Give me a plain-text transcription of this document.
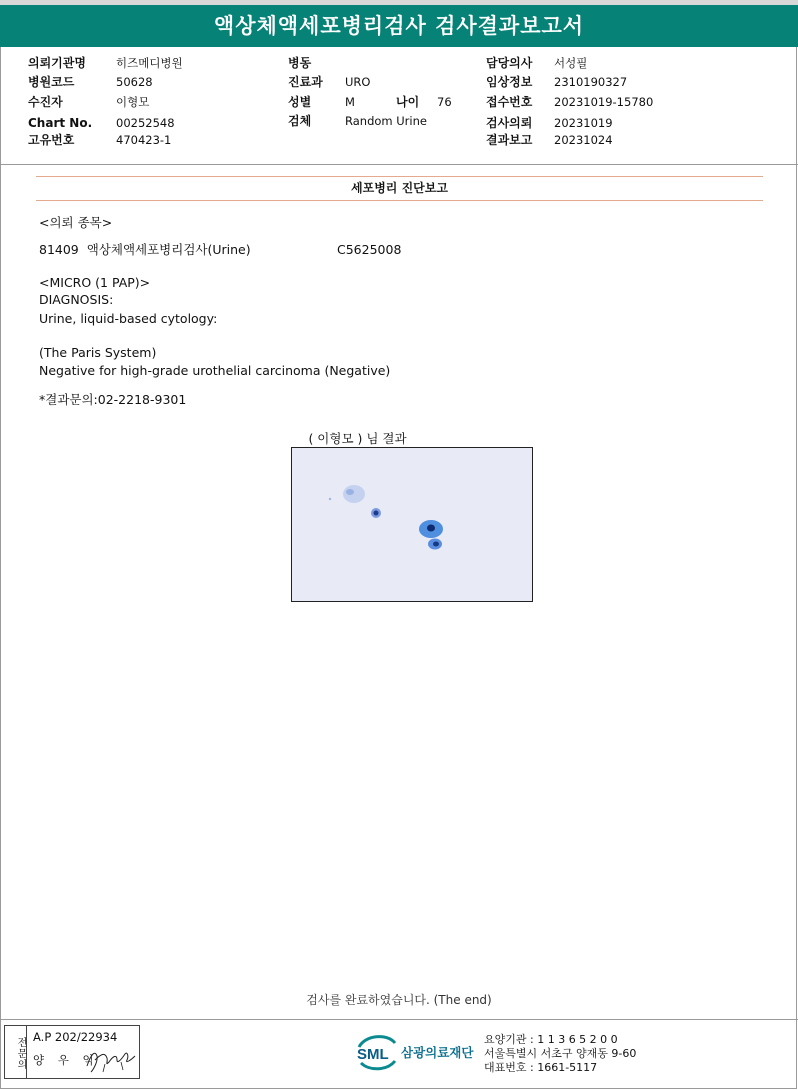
액상체액세포병리검사 검사결과보고서
의뢰기관명	히즈메디병원
병원코드	50628
수진자	이형모
Chart No. 00252548
고유번호	470423-1
병동
진료과 URO
성별	M	나이 76
검체	Random Urine
담당의사 서성필
임상정보 2310190327
접수번호 20231019-15780
검사의뢰 20231019
결과보고 20231024
세포병리 진단보고
<의뢰 종목>
81409 액상체액세포병리검사(Urine)	C5625008
<MICRO (1 PAP)>
DIAGNOSIS:
Urine, liquid-based cytology:
(The Paris System)
Negative for high-grade urothelial carcinoma (Negative)
*결과문의:02-2218-9301
( 이형모 ) 님 결과
검사를 완료하였습니다. (The end)
전문의 A.P 202/22934
양 우 익	SML 삼광의료재단
요양기관 : 1 1 3 6 5 2 0 0
서울특별시 서초구 양재동 9-60
대표번호 : 1661-5117
